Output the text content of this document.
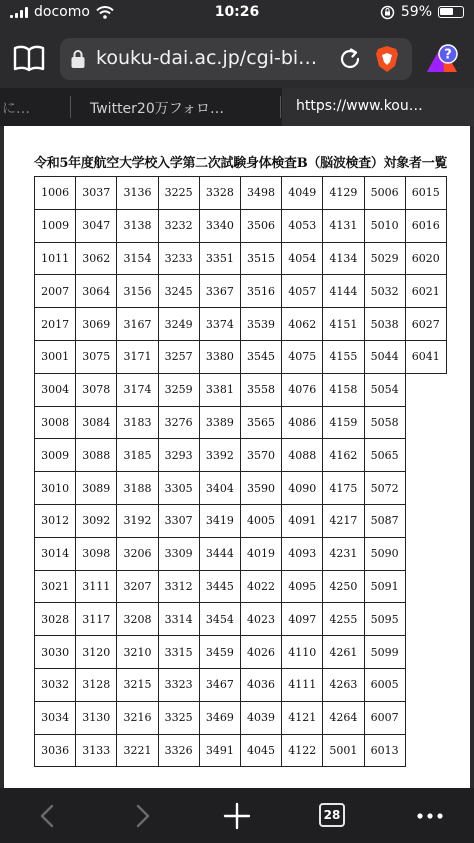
docomo	10:26	59%
kouku-dai.ac.jp/cgi-bi…	?
に…	Twitter20万フォロ…	https://www.kou…
令和5年度航空大学校入学第二次試験身体検査B（脳波検査）対象者一覧
1006	3037	3136	3225	3328	3498	4049	4129	5006	6015
1009	3047	3138	3232	3340	3506	4053	4131	5010	6016
1011	3062	3154	3233	3351	3515	4054	4134	5029	6020
2007	3064	3156	3245	3367	3516	4057	4144	5032	6021
2017	3069	3167	3249	3374	3539	4062	4151	5038	6027
3001	3075	3171	3257	3380	3545	4075	4155	5044	6041
3004	3078	3174	3259	3381	3558	4076	4158	5054	
3008	3084	3183	3276	3389	3565	4086	4159	5058	
3009	3088	3185	3293	3392	3570	4088	4162	5065	
3010	3089	3188	3305	3404	3590	4090	4175	5072	
3012	3092	3192	3307	3419	4005	4091	4217	5087	
3014	3098	3206	3309	3444	4019	4093	4231	5090	
3021	3111	3207	3312	3445	4022	4095	4250	5091	
3028	3117	3208	3314	3454	4023	4097	4255	5095	
3030	3120	3210	3315	3459	4026	4110	4261	5099	
3032	3128	3215	3323	3467	4036	4111	4263	6005	
3034	3130	3216	3325	3469	4039	4121	4264	6007	
3036	3133	3221	3326	3491	4045	4122	5001	6013	
28
